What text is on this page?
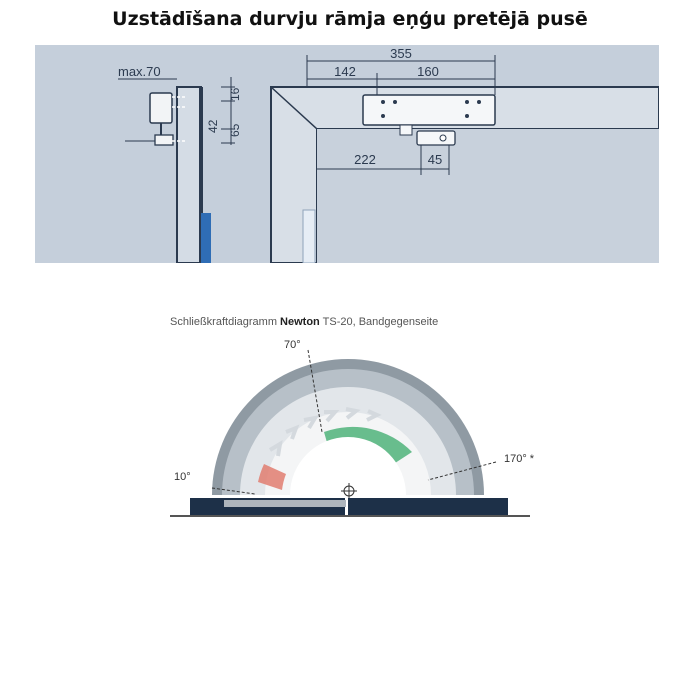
Uzstādīšana durvju rāmja eņģu pretējā pusē
max.70
16
42 65
355
142	160
222	45
Schließkraftdiagramm Newton TS-20, Bandgegenseite
70°
10°
170° *
